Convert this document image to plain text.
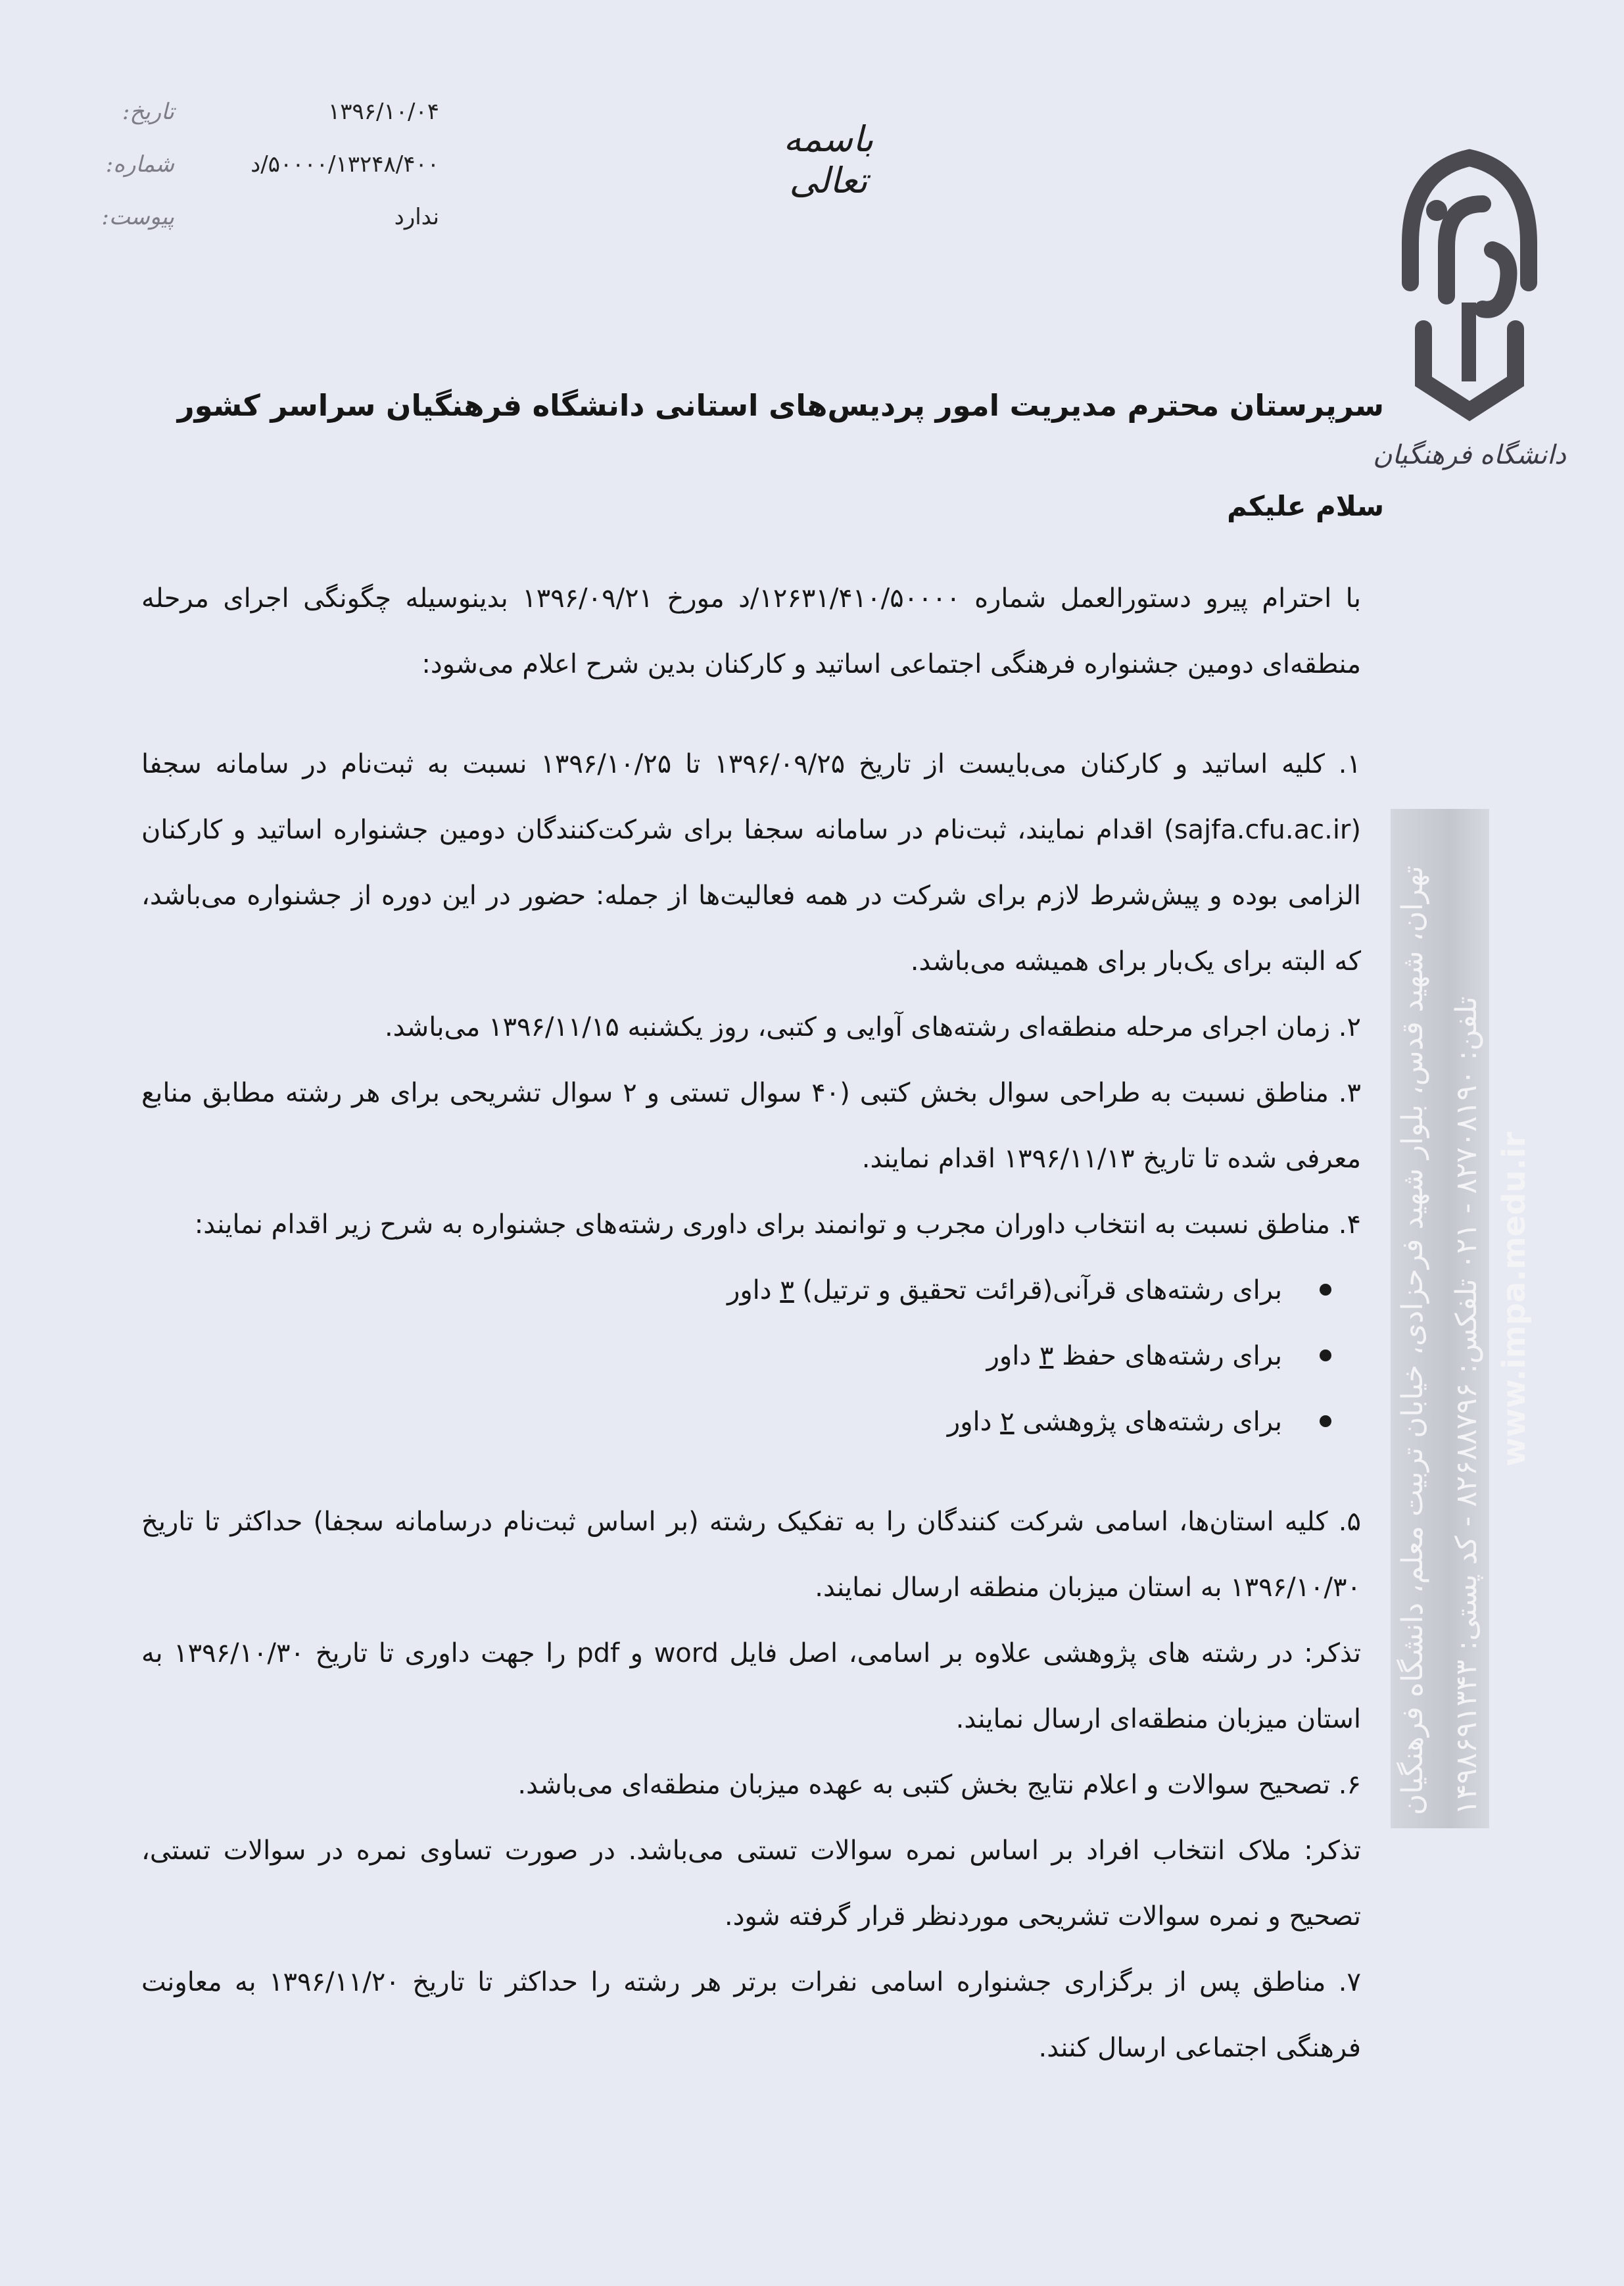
تاریخ:	۱۳۹۶/۱۰/۰۴
شماره:	۵۰۰۰۰/۱۳۲۴۸/۴۰۰/د
پیوست:	ندارد
باسمه تعالی
دانشگاه فرهنگیان
تهران، شهید قدس، بلوار شهید فرحزادی، خیابان تربیت معلم، دانشگاه فرهنگیان تلفن: ۸۲۷۰۸۱۹۰ - ۰۲۱ تلفکس: ۸۲۶۸۸۷۹۶ - کد پستی: ۱۴۹۸۶۹۱۳۴۳
www.impa.medu.ir
سرپرستان محترم مدیریت امور پردیس‌های استانی دانشگاه فرهنگیان سراسر کشور
سلام علیکم

با احترام پیرو دستورالعمل شماره ۱۲۶۳۱/۴۱۰/۵۰۰۰۰/د مورخ ۱۳۹۶/۰۹/۲۱ بدینوسیله چگونگی اجرای مرحله منطقه‌ای دومین جشنواره فرهنگی اجتماعی اساتید و کارکنان بدین شرح اعلام می‌شود:

۱. کلیه اساتید و کارکنان می‌بایست از تاریخ ۱۳۹۶/۰۹/۲۵ تا ۱۳۹۶/۱۰/۲۵ نسبت به ثبت‌نام در سامانه سجفا (sajfa.cfu.ac.ir) اقدام نمایند، ثبت‌نام در سامانه سجفا برای شرکت‌کنندگان دومین جشنواره اساتید و کارکنان الزامی بوده و پیش‌شرط لازم برای شرکت در همه فعالیت‌ها از جمله: حضور در این دوره از جشنواره می‌باشد، که البته برای یک‌بار برای همیشه می‌باشد.

۲. زمان اجرای مرحله منطقه‌ای رشته‌های آوایی و کتبی، روز یکشنبه ۱۳۹۶/۱۱/۱۵ می‌باشد.

۳. مناطق نسبت به طراحی سوال بخش کتبی (۴۰ سوال تستی و ۲ سوال تشریحی برای هر رشته مطابق منابع معرفی شده تا تاریخ ۱۳۹۶/۱۱/۱۳ اقدام نمایند.

۴. مناطق نسبت به انتخاب داوران مجرب و توانمند برای داوری رشته‌های جشنواره به شرح زیر اقدام نمایند:

برای رشته‌های قرآنی(قرائت تحقیق و ترتیل) ۳ داور
برای رشته‌های حفظ ۳ داور
برای رشته‌های پژوهشی ۲ داور

۵. کلیه استان‌ها، اسامی شرکت کنندگان را به تفکیک رشته (بر اساس ثبت‌نام درسامانه سجفا) حداکثر تا تاریخ ۱۳۹۶/۱۰/۳۰ به استان میزبان منطقه ارسال نمایند.

تذکر: در رشته های پژوهشی علاوه بر اسامی، اصل فایل word و pdf را جهت داوری تا تاریخ ۱۳۹۶/۱۰/۳۰ به استان میزبان منطقه‌ای ارسال نمایند.

۶. تصحیح سوالات و اعلام نتایج بخش کتبی به عهده میزبان منطقه‌ای می‌باشد.

تذکر: ملاک انتخاب افراد بر اساس نمره سوالات تستی می‌باشد. در صورت تساوی نمره در سوالات تستی، تصحیح و نمره سوالات تشریحی مورد‌نظر قرار گرفته شود.

۷. مناطق پس از برگزاری جشنواره اسامی نفرات برتر هر رشته را حداکثر تا تاریخ ۱۳۹۶/۱۱/۲۰ به معاونت فرهنگی اجتماعی ارسال کنند.
